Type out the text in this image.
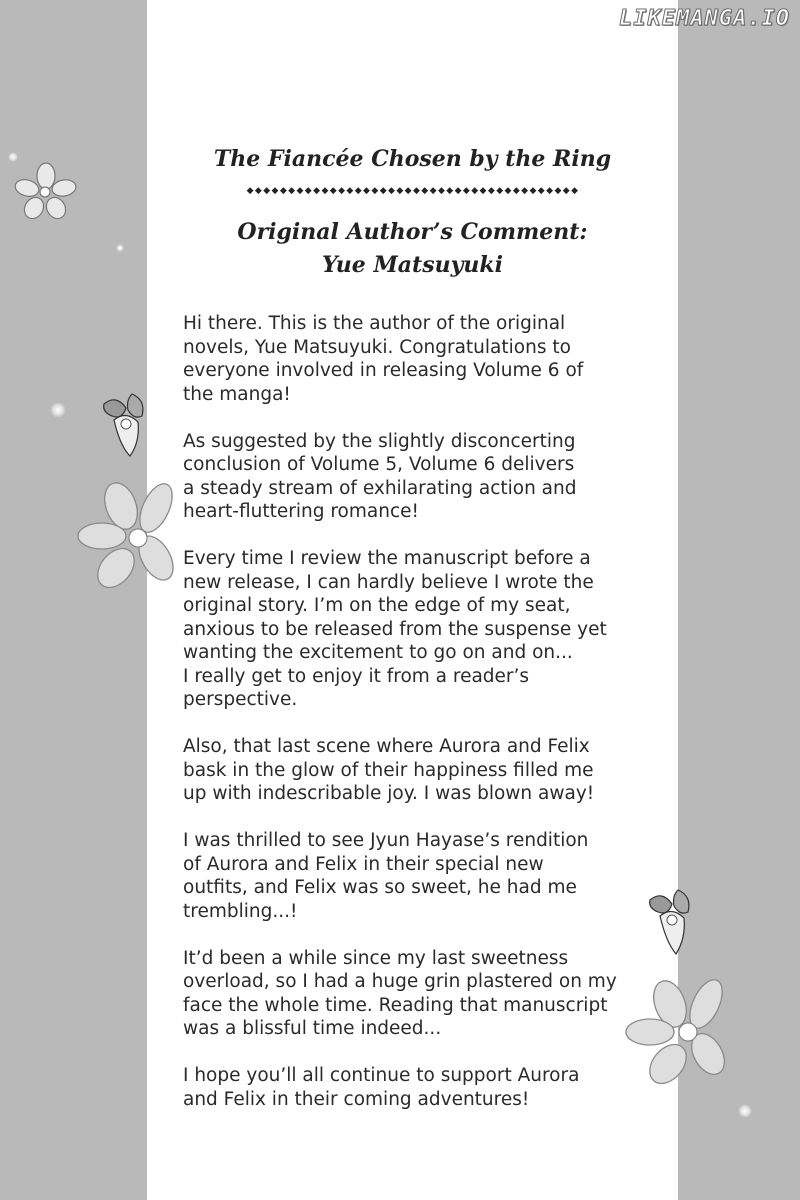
LIKEMANGA.IO
The Fiancée Chosen by the Ring
◆◆◆◆◆◆◆◆◆◆◆◆◆◆◆◆◆◆◆◆◆◆◆◆◆◆◆◆◆◆◆◆◆◆◆◆◆◆◆◆
Original Author’s Comment:
Yue Matsuyuki

Hi there. This is the author of the original
novels, Yue Matsuyuki. Congratulations to
everyone involved in releasing Volume 6 of
the manga!

As suggested by the slightly disconcerting
conclusion of Volume 5, Volume 6 delivers
a steady stream of exhilarating action and
heart-fluttering romance!

Every time I review the manuscript before a
new release, I can hardly believe I wrote the
original story. I’m on the edge of my seat,
anxious to be released from the suspense yet
wanting the excitement to go on and on...
I really get to enjoy it from a reader’s
perspective.

Also, that last scene where Aurora and Felix
bask in the glow of their happiness filled me
up with indescribable joy. I was blown away!

I was thrilled to see Jyun Hayase’s rendition
of Aurora and Felix in their special new
outfits, and Felix was so sweet, he had me
trembling...!

It’d been a while since my last sweetness
overload, so I had a huge grin plastered on my
face the whole time. Reading that manuscript
was a blissful time indeed...

I hope you’ll all continue to support Aurora
and Felix in their coming adventures!
